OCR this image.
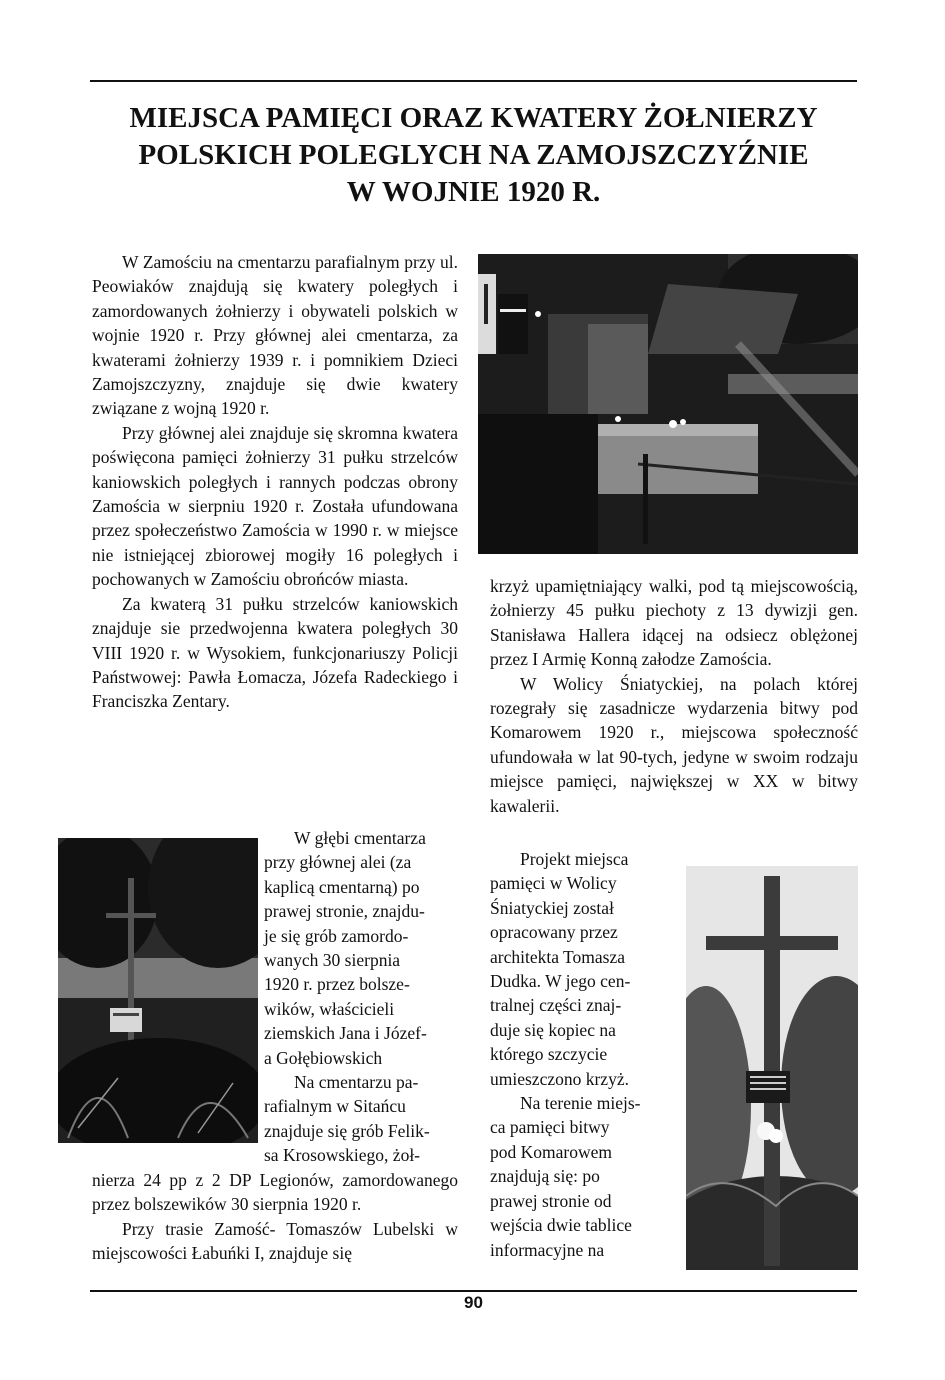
MIEJSCA PAMIĘCI ORAZ KWATERY ŻOŁNIERZY
POLSKICH POLEGLYCH NA ZAMOJSZCZYŹNIE
W WOJNIE 1920 R.

W Zamościu na cmentarzu parafialnym przy ul. Peowiaków znajdują się kwatery poległych i zamordowanych żołnierzy i obywateli polskich w wojnie 1920 r. Przy głównej alei cmentarza, za kwaterami żołnierzy 1939 r. i pomnikiem Dzieci Zamojszczyzny, znajduje się dwie kwatery związane z wojną 1920 r.

Przy głównej alei znajduje się skromna kwatera poświęcona pamięci żołnierzy 31 pułku strzelców kaniowskich poległych i rannych podczas obrony Zamościa w sierpniu 1920 r. Została ufundowana przez społeczeństwo Zamościa w 1990 r. w miejsce nie istniejącej zbiorowej mogiły 16 poległych i pochowanych w Zamościu obrońców miasta.

Za kwaterą 31 pułku strzelców kaniowskich znajduje sie przedwojenna kwatera poległych 30 VIII 1920 r. w Wysokiem, funkcjonariuszy Policji Państwowej: Pawła Łomacza, Józefa Radeckiego i Franciszka Zentary.

W głębi cmentarza

przy głównej alei (za
kaplicą cmentarną) po
prawej stronie, znajdu-
je się grób zamordo-
wanych 30 sierpnia
1920 r. przez bolsze-
wików, właścicieli
ziemskich Jana i Józef-
a Gołębiowskich
Na cmentarzu pa-
rafialnym w Sitańcu
znajduje się grób Felik-
sa Krosowskiego, żoł-

nierza 24 pp z 2 DP Legionów, zamordowanego przez bolszewików 30 sierpnia 1920 r.

Przy trasie Zamość- Tomaszów Lubelski w miejscowości Łabuńki I, znajduje się

krzyż upamiętniający walki, pod tą miejscowością, żołnierzy 45 pułku piechoty z 13 dywizji gen. Stanisława Hallera idącej na odsiecz oblężonej przez I Armię Konną załodze Zamościa.

W Wolicy Śniatyckiej, na polach której rozegrały się zasadnicze wydarzenia bitwy pod Komarowem 1920 r., miejscowa społeczność ufundowała w lat 90-tych, jedyne w swoim rodzaju miejsce pamięci, największej w XX w bitwy kawalerii.

Projekt miejsca
pamięci w Wolicy
Śniatyckiej został
opracowany przez
architekta Tomasza
Dudka. W jego cen-
tralnej części znaj-
duje się kopiec na
którego szczycie
umieszczono krzyż.
Na terenie miejs-
ca pamięci bitwy
pod Komarowem
znajdują się: po
prawej stronie od
wejścia dwie tablice
informacyjne na
90
